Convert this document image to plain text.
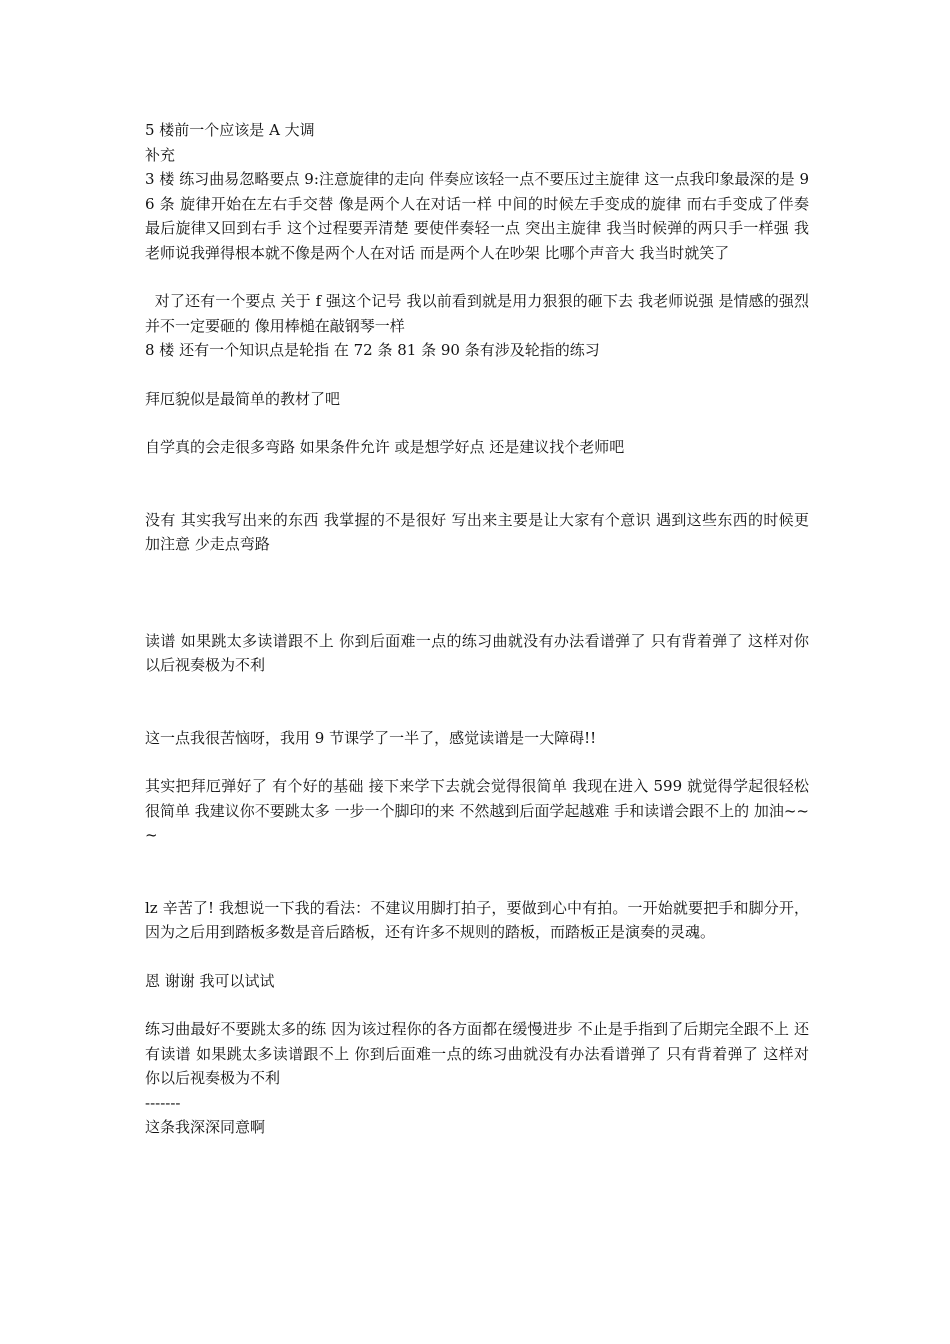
5 楼前一个应该是 A 大调

补充

3 楼 练习曲易忽略要点 9:注意旋律的走向 伴奏应该轻一点不要压过主旋律 这一点我印象最深的是 96 条 旋律开始在左右手交替 像是两个人在对话一样 中间的时候左手变成的旋律 而右手变成了伴奏 最后旋律又回到右手 这个过程要弄清楚 要使伴奏轻一点 突出主旋律 我当时候弹的两只手一样强 我老师说我弹得根本就不像是两个人在对话 而是两个人在吵架 比哪个声音大 我当时就笑了

对了还有一个要点 关于 f 强这个记号 我以前看到就是用力狠狠的砸下去 我老师说强 是情感的强烈 并不一定要砸的 像用棒槌在敲钢琴一样

8 楼 还有一个知识点是轮指 在 72 条 81 条 90 条有涉及轮指的练习

拜厄貌似是最简单的教材了吧

自学真的会走很多弯路 如果条件允许 或是想学好点 还是建议找个老师吧

没有 其实我写出来的东西 我掌握的不是很好 写出来主要是让大家有个意识 遇到这些东西的时候更加注意 少走点弯路

读谱 如果跳太多读谱跟不上 你到后面难一点的练习曲就没有办法看谱弹了 只有背着弹了 这样对你以后视奏极为不利

这一点我很苦恼呀，我用 9 节课学了一半了，感觉读谱是一大障碍!!

其实把拜厄弹好了 有个好的基础 接下来学下去就会觉得很简单 我现在进入 599 就觉得学起很轻松很简单 我建议你不要跳太多 一步一个脚印的来 不然越到后面学起越难 手和读谱会跟不上的 加油~~~

lz 辛苦了! 我想说一下我的看法：不建议用脚打拍子，要做到心中有拍。一开始就要把手和脚分开，因为之后用到踏板多数是音后踏板，还有许多不规则的踏板，而踏板正是演奏的灵魂。

恩 谢谢 我可以试试

练习曲最好不要跳太多的练 因为该过程你的各方面都在缓慢进步 不止是手指到了后期完全跟不上 还有读谱 如果跳太多读谱跟不上 你到后面难一点的练习曲就没有办法看谱弹了 只有背着弹了 这样对你以后视奏极为不利

-------

这条我深深同意啊
